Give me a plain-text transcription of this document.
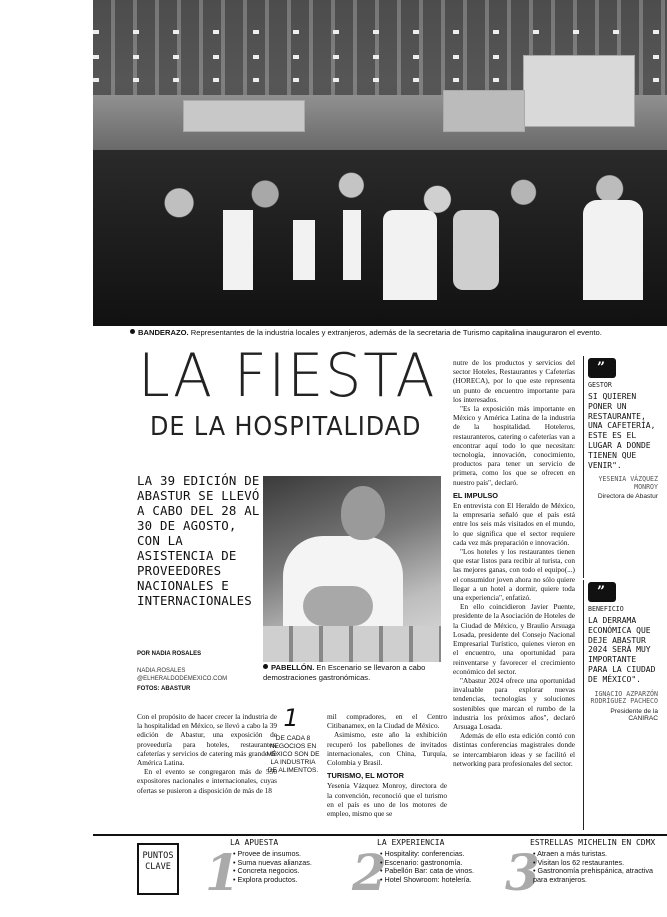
BANDERAZO. Representantes de la industria locales y extranjeros, además de la secretaria de Turismo capitalina inauguraron el evento.
LA FIESTA
DE LA HOSPITALIDAD
LA 39 EDICIÓN DE ABASTUR SE LLEVÓ A CABO DEL 28 AL 30 DE AGOSTO, CON LA ASISTENCIA DE PROVEEDORES NACIONALES E INTERNACIONALES
POR NADIA ROSALES
NADIA.ROSALES
@ELHERALDODEMEXICO.COM
FOTOS: ABASTUR
PABELLÓN. En Escenario se llevaron a cabo demostraciones gastronómicas.

Con el propósito de hacer crecer la industria de la hospitalidad en México, se llevó a cabo la 39 edición de Abastur, una exposición de proveeduría para hoteles, restaurantes, cafeterías y servicios de catering más grande de América Latina.

En el evento se congregaron más de 550 expositores nacionales e internacionales, cuyas ofertas se pusieron a disposición de más de 18

1
DE CADA 8 NEGOCIOS EN MÉXICO SON DE LA INDUSTRIA DE ALIMENTOS.

mil compradores, en el Centro Citibanamex, en la Ciudad de México.

Asimismo, este año la exhibición recuperó los pabellones de invitados internacionales, con China, Turquía, Colombia y Brasil.

TURISMO, EL MOTOR

Yesenia Vázquez Monroy, directora de la convención, reconoció que el turismo en el país es uno de los motores de empleo, mismo que se

nutre de los productos y servicios del sector Hoteles, Restaurantes y Cafeterías (HORECA), por lo que este representa un punto de encuentro importante para los interesados.

"Es la exposición más importante en México y América Latina de la industria de la hospitalidad. Hoteleros, restauranteros, catering o cafeterías van a encontrar aquí todo lo que necesitan: tecnología, innovación, conocimiento, productos para tener un servicio de primera, como los que se ofrecen en nuestro país", declaró.

EL IMPULSO

En entrevista con El Heraldo de México, la empresaria señaló que el país está entre los seis más visitados en el mundo, lo que significa que el sector requiere cada vez más preparación e innovación.

"Los hoteles y los restaurantes tienen que estar listos para recibir al turista, con las mejores ganas, con todo el equipo(...) el consumidor joven ahora no sólo quiere llegar a un hotel a dormir, quiere toda una experiencia", enfatizó.

En ello coincidieron Javier Puente, presidente de la Asociación de Hoteles de la Ciudad de México, y Braulio Arsuaga Losada, presidente del Consejo Nacional Empresarial Turístico, quienes vieron en el encuentro, una oportunidad para reinventarse y favorecer el crecimiento económico del sector.

"Abastur 2024 ofrece una oportunidad invaluable para explorar nuevas tendencias, tecnologías y soluciones sostenibles que marcan el rumbo de la industria los próximos años", declaró Arsuaga Losada.

Además de ello esta edición contó con distintas conferencias magistrales donde se intercambiaron ideas y se facilitó el networking para profesionales del sector.

”
GESTOR
SI QUIEREN PONER UN RESTAURANTE, UNA CAFETERÍA, ESTE ES EL LUGAR A DONDE TIENEN QUE VENIR".
YESENIA VÁZQUEZ MONROY
Directora de Abastur
”
BENEFICIO
LA DERRAMA ECONÓMICA QUE DEJE ABASTUR 2024 SERÁ MUY IMPORTANTE PARA LA CIUDAD DE MÉXICO".
IGNACIO AZPARZÓN RODRÍGUEZ PACHECO
Presidente de la CANIRAC
PUNTOS
CLAVE 1
LA APUESTA
• Provee de insumos.
• Suma nuevas alianzas.
• Concreta negocios.
• Explora productos.	2
LA EXPERIENCIA
• Hospitality: conferencias.
• Escenario: gastronomía.
• Pabellón Bar: cata de vinos.
• Hotel Showroom: hotelería. 3
ESTRELLAS MICHELIN EN CDMX
• Atraen a más turistas.
• Visitan los 62 restaurantes.
• Gastronomía prehispánica, atractiva para extranjeros.
